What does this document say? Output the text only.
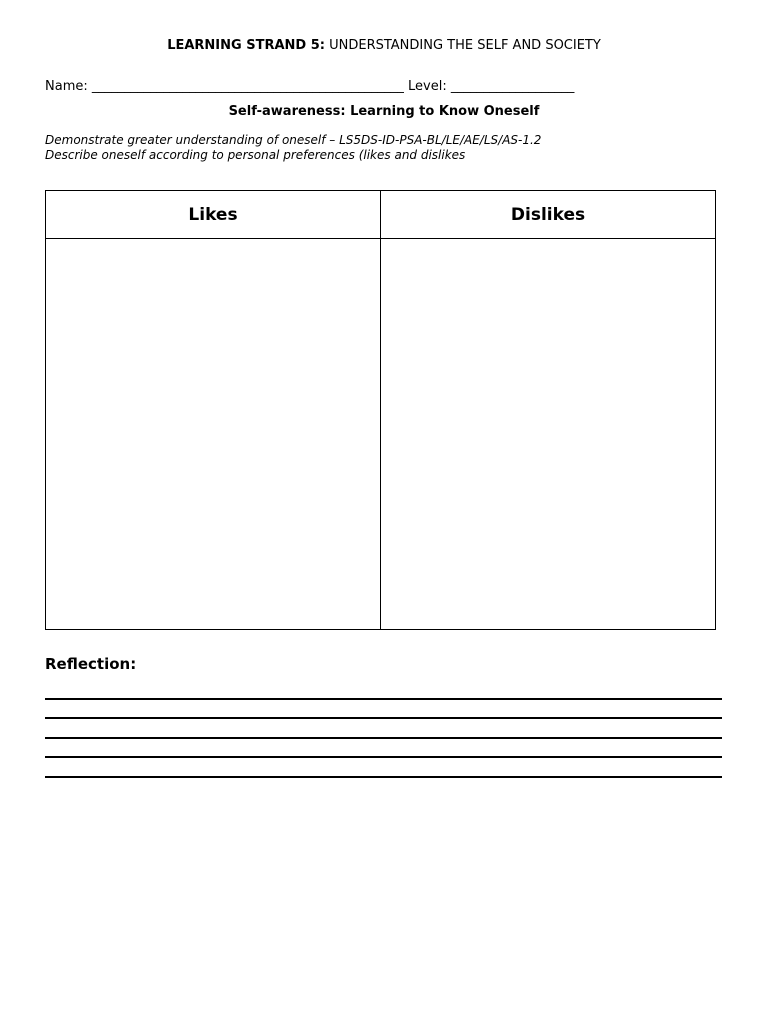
LEARNING STRAND 5: UNDERSTANDING THE SELF AND SOCIETY
Name: ________________________________________________ Level: ___________________
Self-awareness: Learning to Know Oneself
Demonstrate greater understanding of oneself – LS5DS-ID-PSA-BL/LE/AE/LS/AS-1.2
Describe oneself according to personal preferences (likes and dislikes
Likes	Dislikes

Reflection:
